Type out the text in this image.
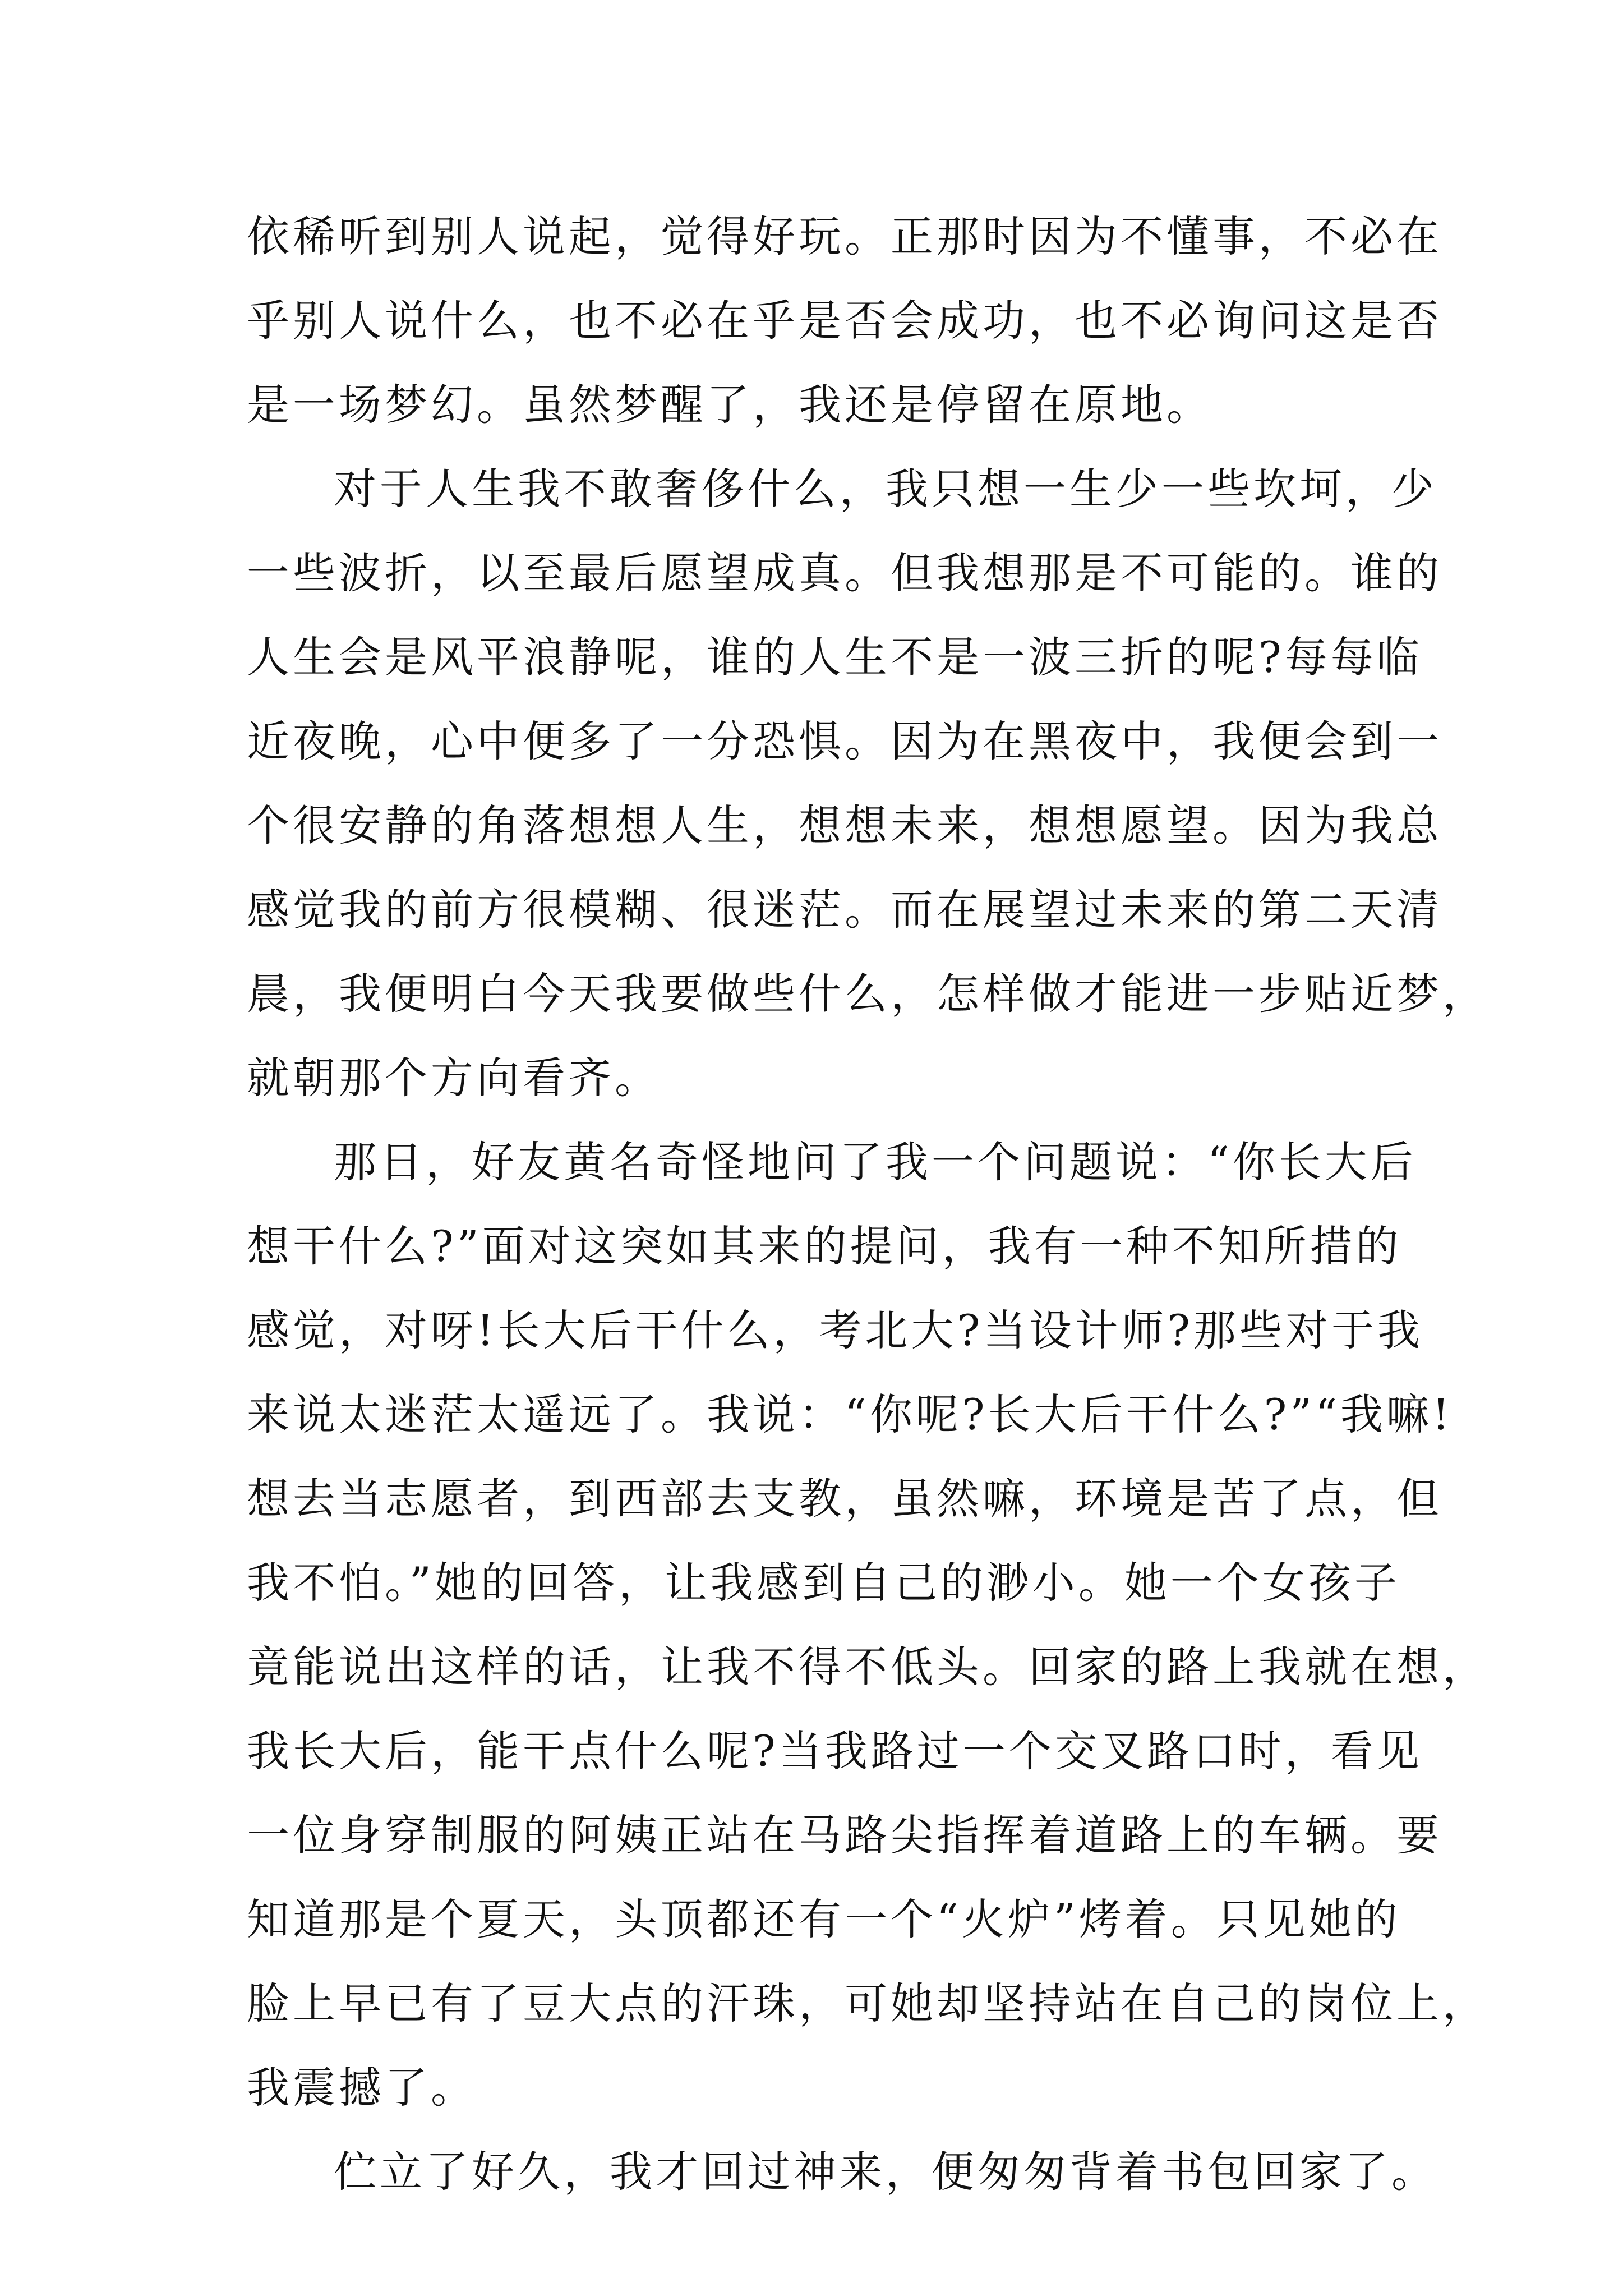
依稀听到别人说起，觉得好玩。正那时因为不懂事，不必在
乎别人说什么，也不必在乎是否会成功，也不必询问这是否
是一场梦幻。虽然梦醒了，我还是停留在原地。
对于人生我不敢奢侈什么，我只想一生少一些坎坷，少
一些波折，以至最后愿望成真。但我想那是不可能的。谁的
人生会是风平浪静呢，谁的人生不是一波三折的呢?每每临
近夜晚，心中便多了一分恐惧。因为在黑夜中，我便会到一
个很安静的角落想想人生，想想未来，想想愿望。因为我总
感觉我的前方很模糊、很迷茫。而在展望过未来的第二天清
晨，我便明白今天我要做些什么，怎样做才能进一步贴近梦，
就朝那个方向看齐。
那日，好友黄名奇怪地问了我一个问题说：“你长大后
想干什么?”面对这突如其来的提问，我有一种不知所措的
感觉，对呀!长大后干什么，考北大?当设计师?那些对于我
来说太迷茫太遥远了。我说：“你呢?长大后干什么?”“我嘛!
想去当志愿者，到西部去支教，虽然嘛，环境是苦了点，但
我不怕。”她的回答，让我感到自己的渺小。她一个女孩子
竟能说出这样的话，让我不得不低头。回家的路上我就在想，
我长大后，能干点什么呢?当我路过一个交叉路口时，看见
一位身穿制服的阿姨正站在马路尖指挥着道路上的车辆。要
知道那是个夏天，头顶都还有一个“火炉”烤着。只见她的
脸上早已有了豆大点的汗珠，可她却坚持站在自己的岗位上，
我震撼了。
伫立了好久，我才回过神来，便匆匆背着书包回家了。
